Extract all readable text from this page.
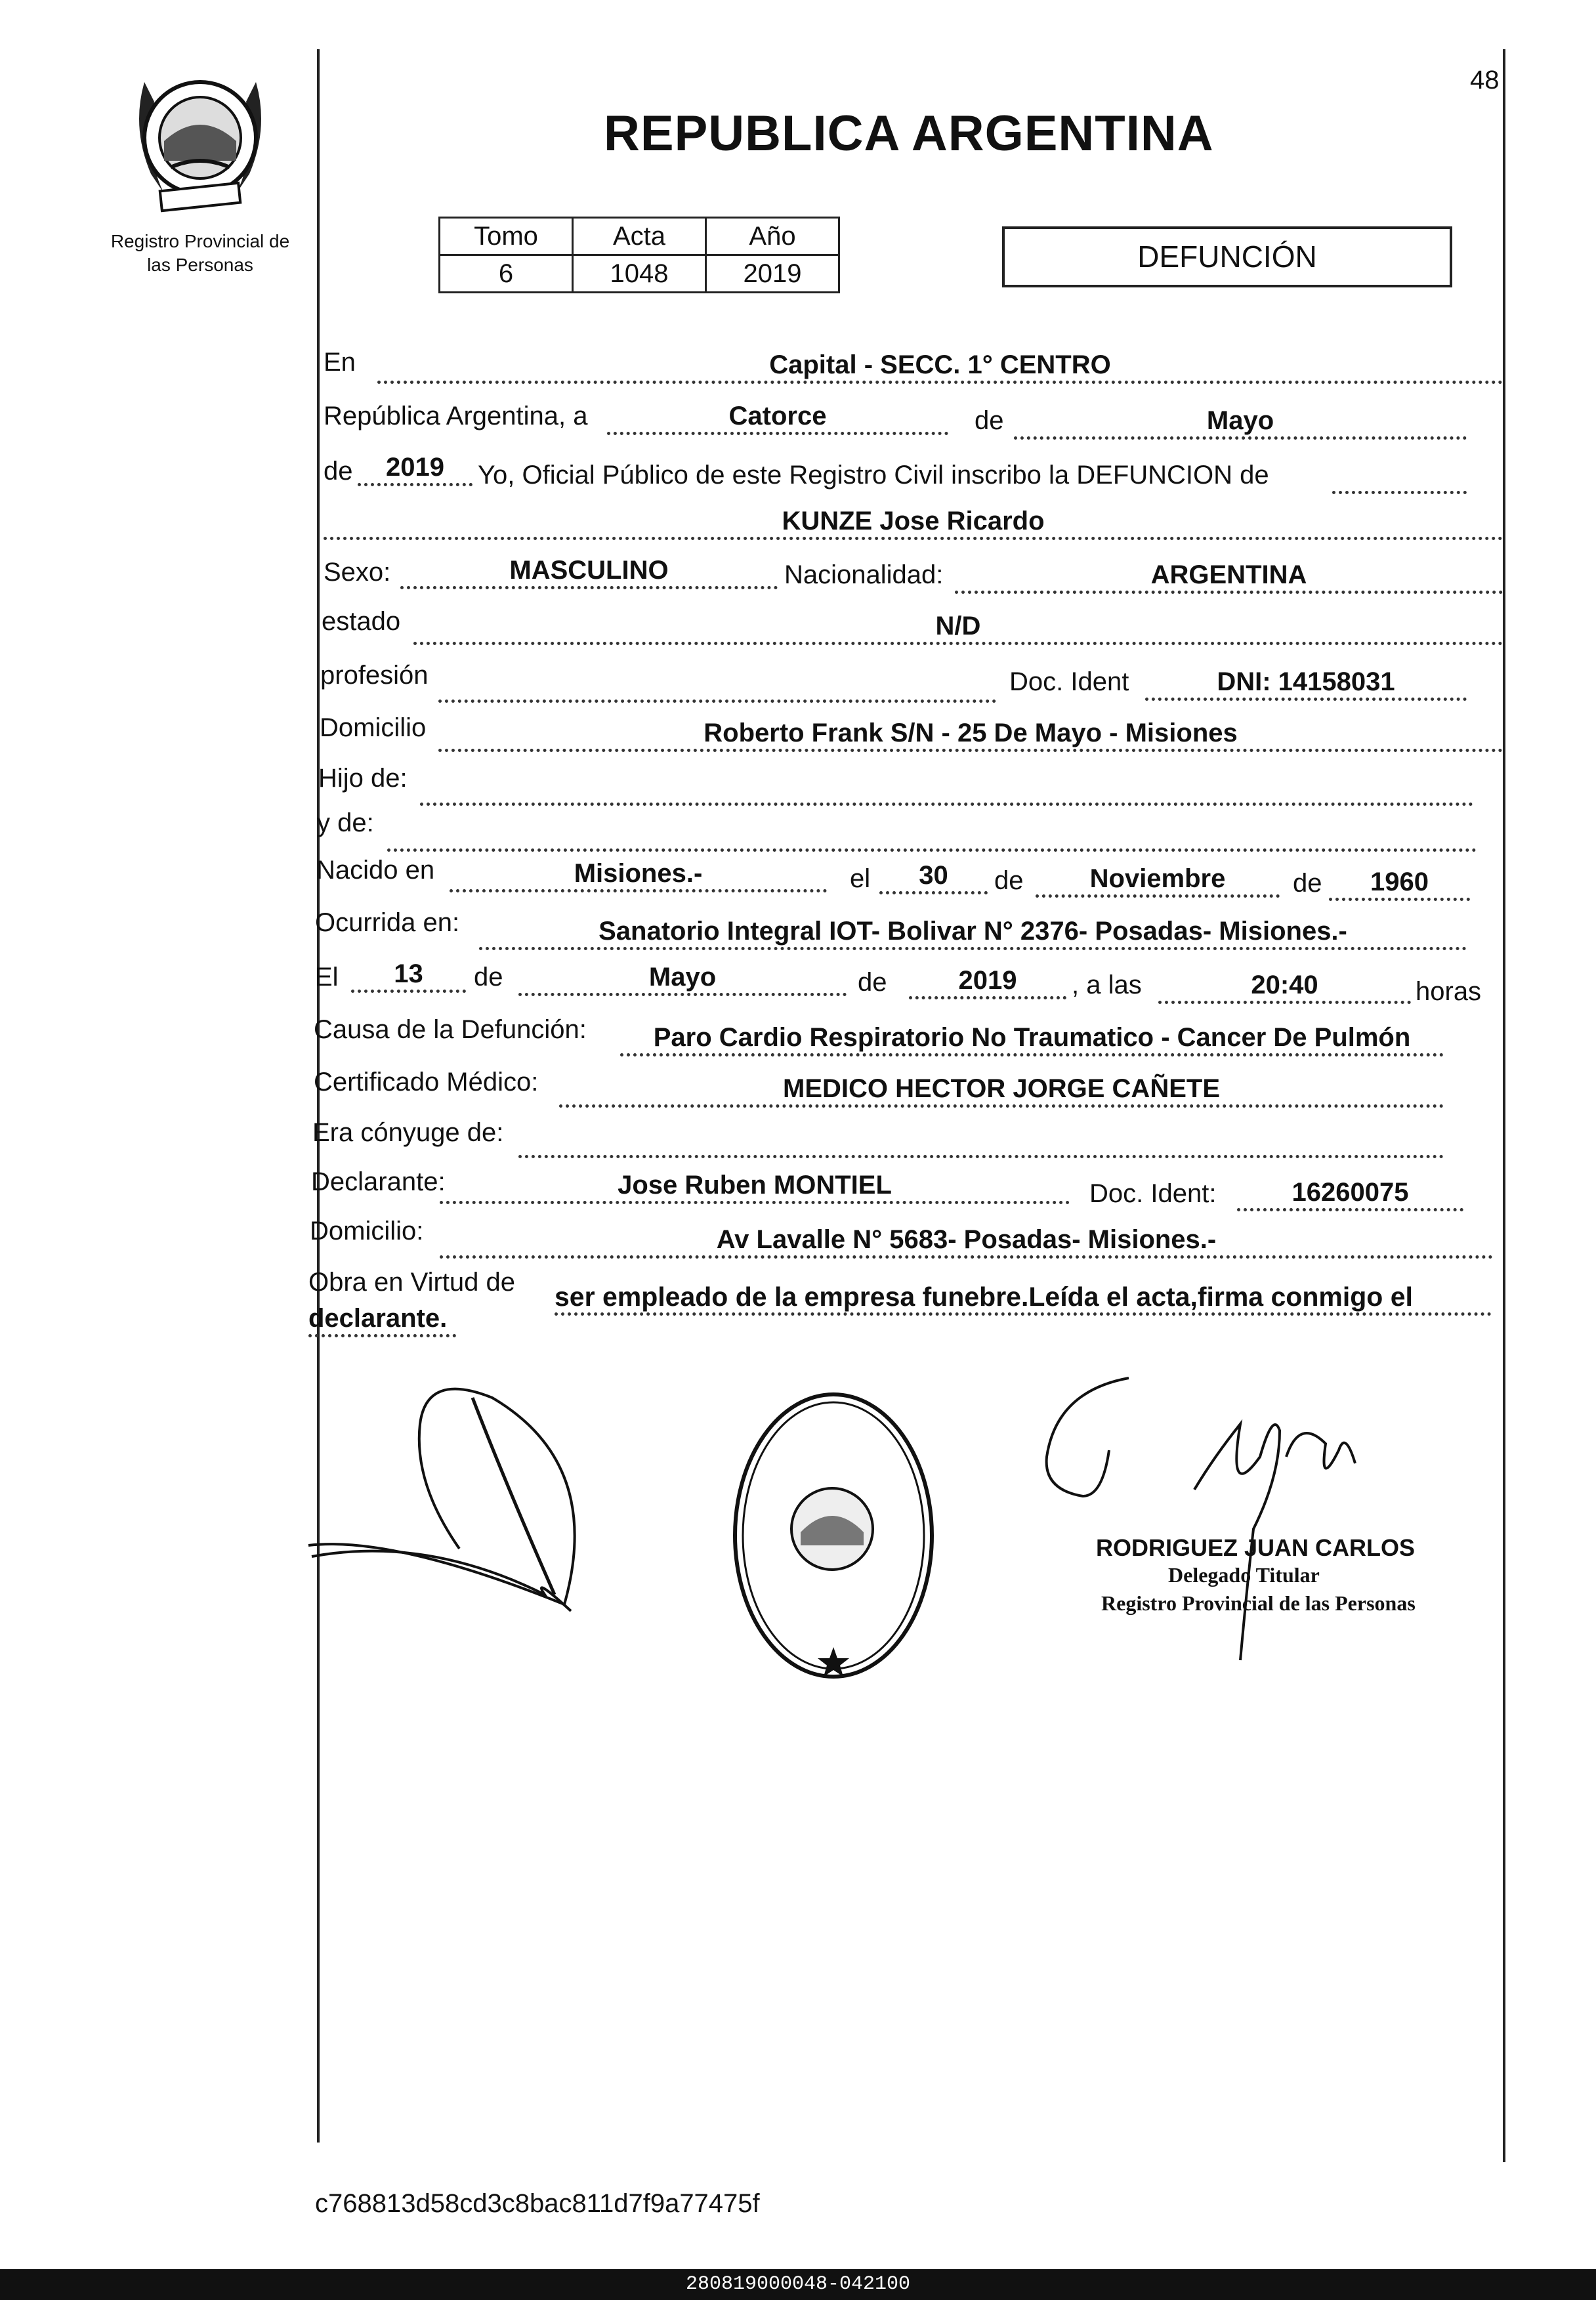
Registro Provincial de
las Personas
48
REPUBLICA ARGENTINA
Tomo	Acta	Año
6	1048	2019	DEFUNCIÓN
En	Capital - SECC. 1° CENTRO
República Argentina, a	Catorce	de	Mayo
de	2019	Yo, Oficial Público de este Registro Civil inscribo la DEFUNCION de
KUNZE Jose Ricardo
Sexo:	MASCULINO	Nacionalidad:	ARGENTINA
estado	N/D
profesión	Doc. Ident	DNI: 14158031
Domicilio	Roberto Frank S/N - 25 De Mayo - Misiones
Hijo de:
y de:
Nacido en	Misiones.-	el	30	de	Noviembre	de	1960
Ocurrida en:	Sanatorio Integral IOT- Bolivar N° 2376- Posadas- Misiones.-
El	13	de	Mayo	de	2019	, a las	20:40	horas
Causa de la Defunción:	Paro Cardio Respiratorio No Traumatico - Cancer De Pulmón
Certificado Médico:	MEDICO HECTOR JORGE CAÑETE
Era cónyuge de:
Declarante:	Jose Ruben MONTIEL	Doc. Ident:	16260075
Domicilio:	Av Lavalle N° 5683- Posadas- Misiones.-
Obra en Virtud de ser empleado de la empresa funebre.Leída el acta,firma conmigo el
declarante.
RODRIGUEZ JUAN CARLOS
Delegado Titular
Registro Provincial de las Personas
c768813d58cd3c8bac811d7f9a77475f
280819000048-042100
